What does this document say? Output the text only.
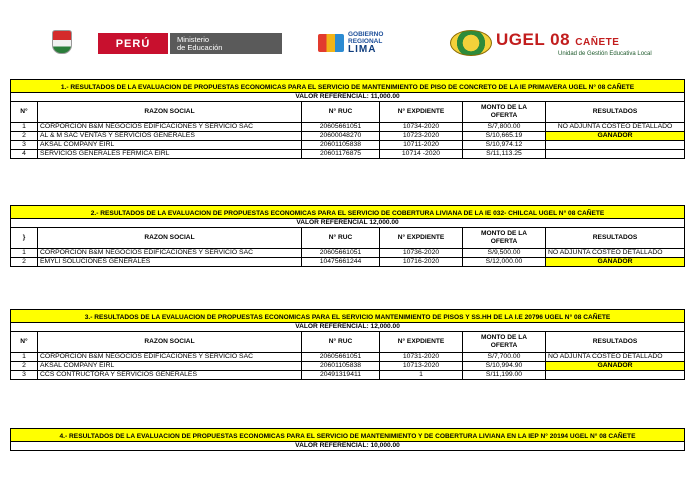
PERÚ	Ministerio
de Educación
GOBIERNO
REGIONAL
LIMA
UGEL 08 CAÑETE
Unidad de Gestión Educativa Local
1.- RESULTADOS DE LA EVALUACION DE PROPUESTAS ECONOMICAS PARA EL SERVICIO DE MANTENIMIENTO DE PISO DE CONCRETO DE LA IE PRIMAVERA UGEL N° 08 CAÑETE					
VALOR REFERENCIAL: 11,000.00					
N°	RAZON SOCIAL	N° RUC	N° EXPDIENTE	MONTO DE LA
OFERTA	RESULTADOS
1	CORPORCION B&M NEGOCIOS EDIFICACIONES Y SERVICIO SAC	20605661051	10734-2020	S/7,800.00	NO ADJUNTA COSTEO DETALLADO
2	AL & M SAC VENTAS Y SERVICIOS GENERALES	20600048270	10723-2020	S/10,665.19	GANADOR
3	AKSAL COMPANY EIRL	20601105838	10711-2020	S/10,974.12	
4	SERVICIOS GENERALES FERMICA EIRL	20601176875	10714 -2020	S/11,113.25	
2.- RESULTADOS DE LA EVALUACION DE PROPUESTAS ECONOMICAS PARA EL SERVICIO DE COBERTURA LIVIANA DE LA IE 032- CHILCAL UGEL N° 08 CAÑETE					
VALOR REFERENCIAL 12,000.00					
}	RAZON SOCIAL	N° RUC	N° EXPDIENTE	MONTO DE LA
OFERTA	RESULTADOS
1	CORPORCION B&M NEGOCIOS EDIFICACIONES Y SERVICIO SAC	20605661051	10736-2020	S/9,500.00	NO ADJUNTA COSTEO DETALLADO
2	EMYLI SOLUCIONES GENERALES	10475661244	10716-2020	S/12,000.00	GANADOR
3.- RESULTADOS DE LA EVALUACION DE PROPUESTAS ECONOMICAS PARA EL SERVICIO MANTENIMIENTO DE PISOS Y SS.HH DE LA I.E 20796 UGEL N° 08 CAÑETE					
VALOR REFERENCIAL: 12,000.00					
N°	RAZON SOCIAL	N° RUC	N° EXPDIENTE	MONTO DE LA
OFERTA	RESULTADOS
1	CORPORCION B&M NEGOCIOS EDIFICACIONES Y SERVICIO SAC	20605661051	10731-2020	S/7,700.00	NO ADJUNTA COSTEO DETALLADO
2	AKSAL COMPANY EIRL	20601105838	10713-2020	S/10,994.90	GANADOR
3	CCS CONTRUCTORA Y SERVICIOS GENERALES	20491319411	1	S/11,199.00	
4.- RESULTADOS DE LA EVALUACION DE PROPUESTAS ECONOMICAS PARA EL SERVICIO DE MANTENIMIENTO Y DE COBERTURA LIVIANA EN LA IEP N° 20194 UGEL N° 08 CAÑETE
VALOR REFERENCIAL: 10,000.00
